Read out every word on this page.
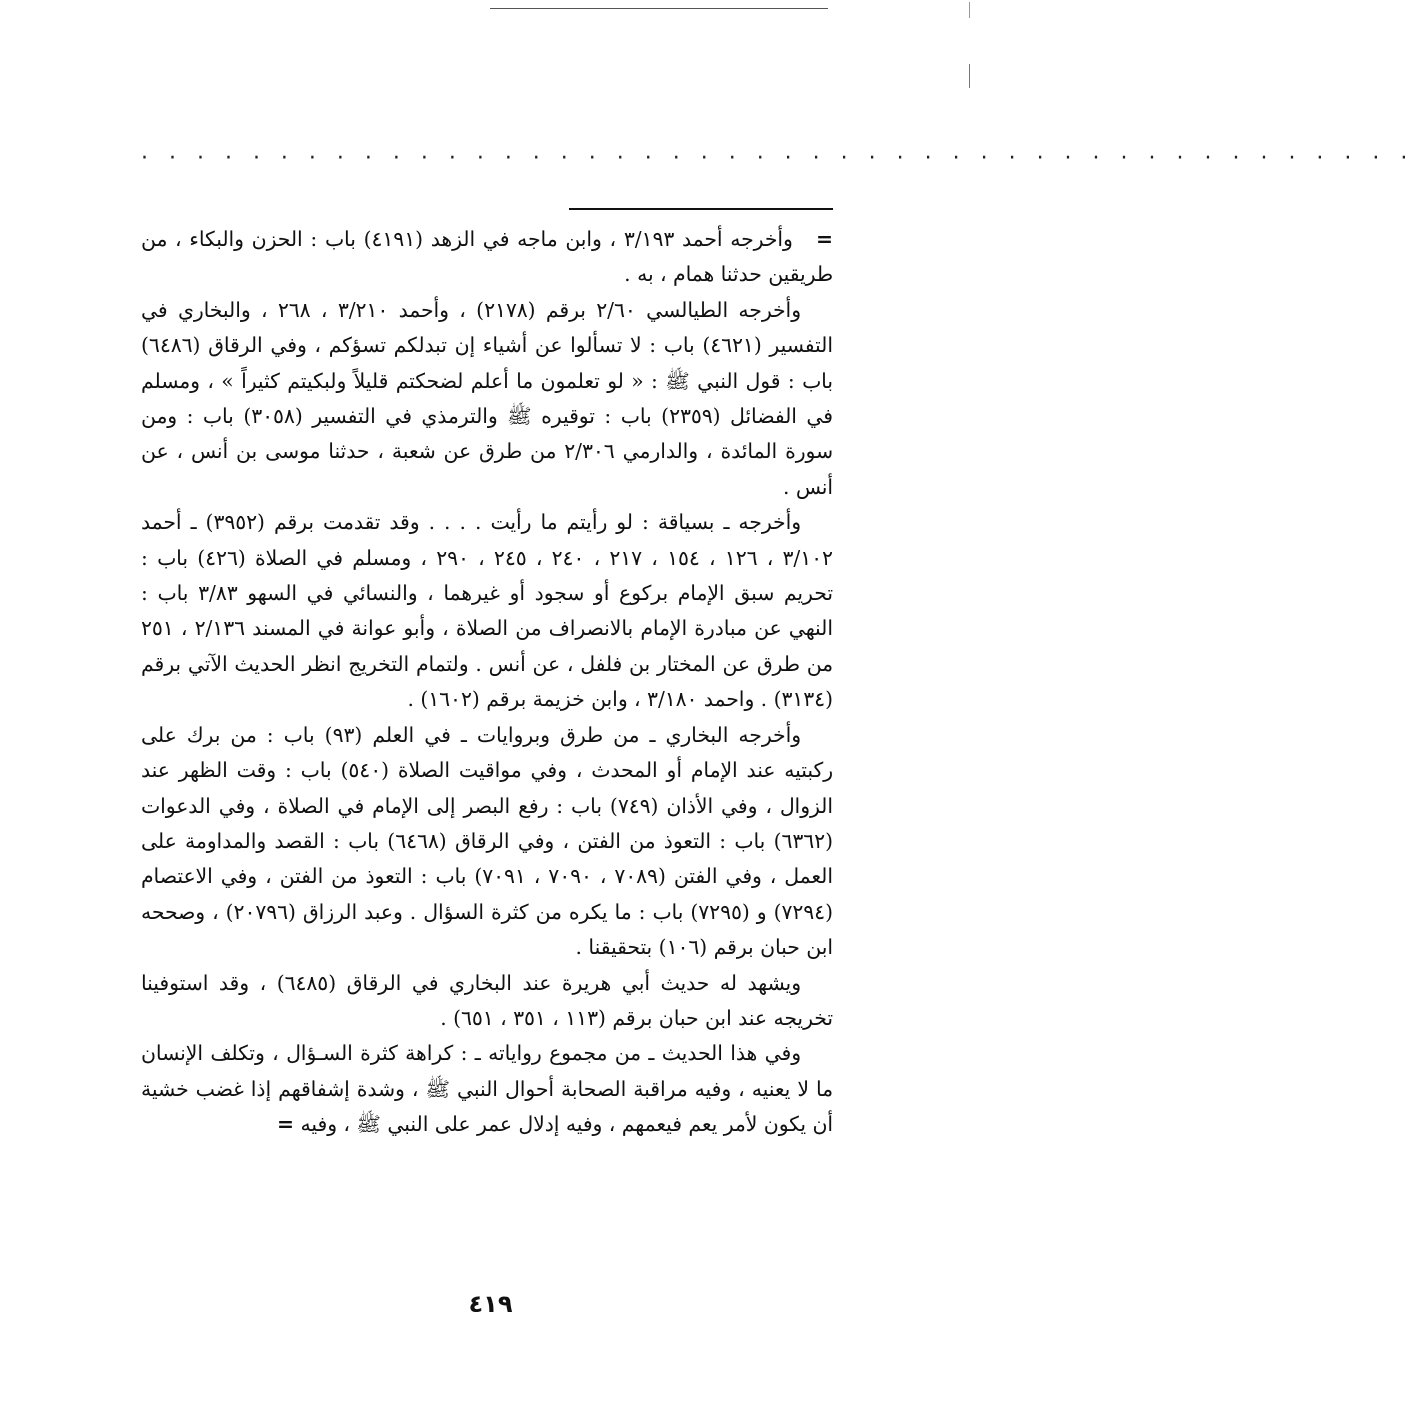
· · · · · · · · · · · · · · · · · · · · · · · · · · · · · · · · · · · · · · · · · · · · · ·

=   وأخرجه أحمد ٣/١٩٣ ، وابن ماجه في الزهد (٤١٩١) باب : الحزن والبكاء ، من طريقين حدثنا همام ، به .

وأخرجه الطيالسي ٢/٦٠ برقم (٢١٧٨) ، وأحمد ٣/٢١٠ ، ٢٦٨ ، والبخاري في التفسير (٤٦٢١) باب : لا تسألوا عن أشياء إن تبدلكم تسؤكم ، وفي الرقاق (٦٤٨٦) باب : قول النبي ﷺ : « لو تعلمون ما أعلم لضحكتم قليلاً ولبكيتم كثيراً » ، ومسلم في الفضائل (٢٣٥٩) باب : توقيره ﷺ والترمذي في التفسير (٣٠٥٨) باب : ومن سورة المائدة ، والدارمي ٢/٣٠٦ من طرق عن شعبة ، حدثنا موسى بن أنس ، عن أنس .

وأخرجه ـ بسياقة : لو رأيتم ما رأيت . . . . وقد تقدمت برقم (٣٩٥٢) ـ أحمد ٣/١٠٢ ، ١٢٦ ، ١٥٤ ، ٢١٧ ، ٢٤٠ ، ٢٤٥ ، ٢٩٠ ، ومسلم في الصلاة (٤٢٦) باب : تحريم سبق الإمام بركوع أو سجود أو غيرهما ، والنسائي في السهو ٣/٨٣ باب : النهي عن مبادرة الإمام بالانصراف من الصلاة ، وأبو عوانة في المسند ٢/١٣٦ ، ٢٥١ من طرق عن المختار بن فلفل ، عن أنس . ولتمام التخريج انظر الحديث الآتي برقم (٣١٣٤) . واحمد ٣/١٨٠ ، وابن خزيمة برقم (١٦٠٢) .

وأخرجه البخاري ـ من طرق وبروايات ـ في العلم (٩٣) باب : من برك على ركبتيه عند الإمام أو المحدث ، وفي مواقيت الصلاة (٥٤٠) باب : وقت الظهر عند الزوال ، وفي الأذان (٧٤٩) باب : رفع البصر إلى الإمام في الصلاة ، وفي الدعوات (٦٣٦٢) باب : التعوذ من الفتن ، وفي الرقاق (٦٤٦٨) باب : القصد والمداومة على العمل ، وفي الفتن (٧٠٨٩ ، ٧٠٩٠ ، ٧٠٩١) باب : التعوذ من الفتن ، وفي الاعتصام (٧٢٩٤) و (٧٢٩٥) باب : ما يكره من كثرة السؤال . وعبد الرزاق (٢٠٧٩٦) ، وصححه ابن حبان برقم (١٠٦) بتحقيقنا .

ويشهد له حديث أبي هريرة عند البخاري في الرقاق (٦٤٨٥) ، وقد استوفينا تخريجه عند ابن حبان برقم (١١٣ ، ٣٥١ ، ٦٥١) .

وفي هذا الحديث ـ من مجموع رواياته ـ : كراهة كثرة السـؤال ، وتكلف الإنسان ما لا يعنيه ، وفيه مراقبة الصحابة أحوال النبي ﷺ ، وشدة إشفاقهم إذا غضب خشية أن يكون لأمر يعم فيعمهم ، وفيه إدلال عمر على النبي ﷺ ، وفيه =

٤١٩
